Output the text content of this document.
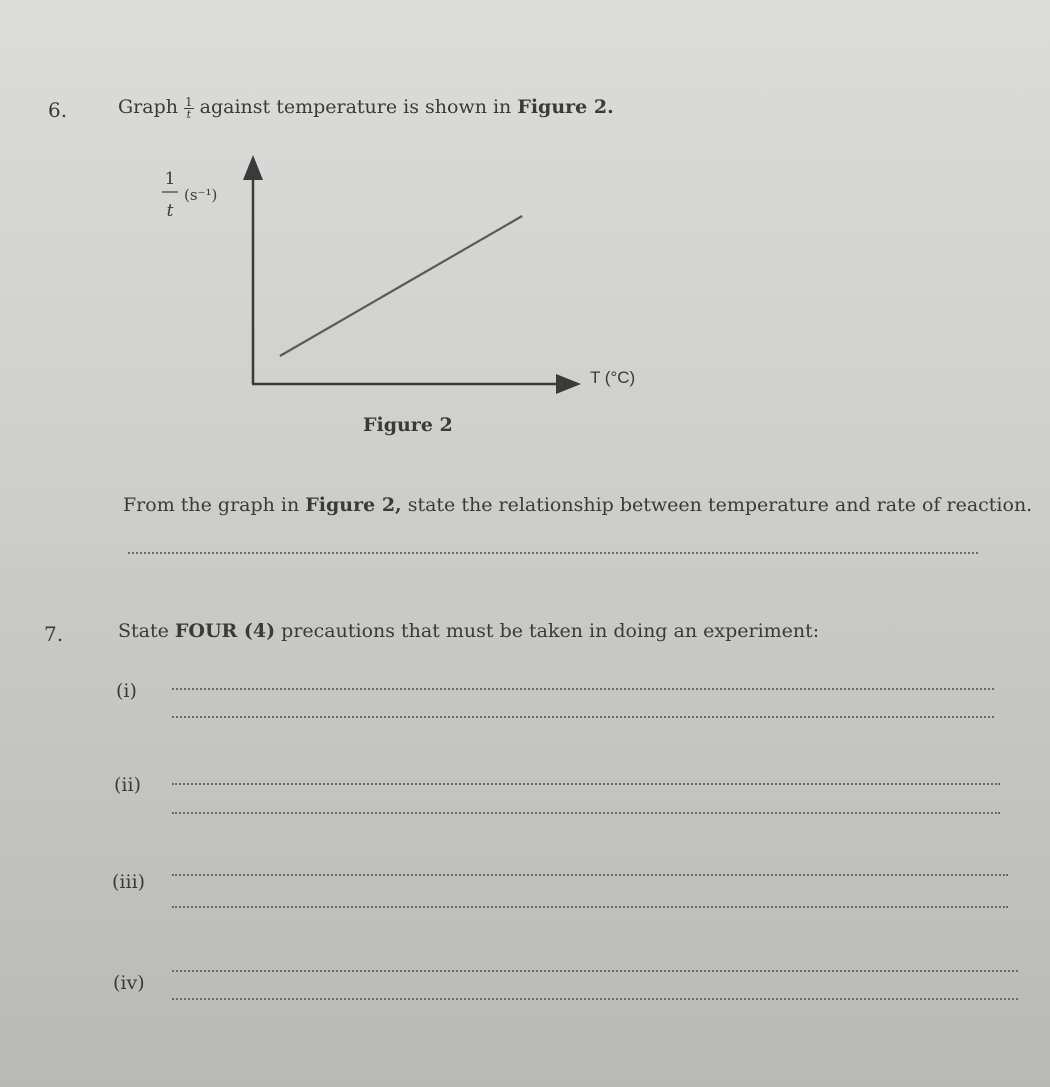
6.	Graph $\frac{1}{t}$ against temperature is shown in Figure 2.
1
t
(s⁻¹)
T (°C)
Figure 2
From the graph in Figure 2, state the relationship between temperature and rate of reaction.
7.	State FOUR (4) precautions that must be taken in doing an experiment:
(i)
(ii)
(iii)
(iv)
